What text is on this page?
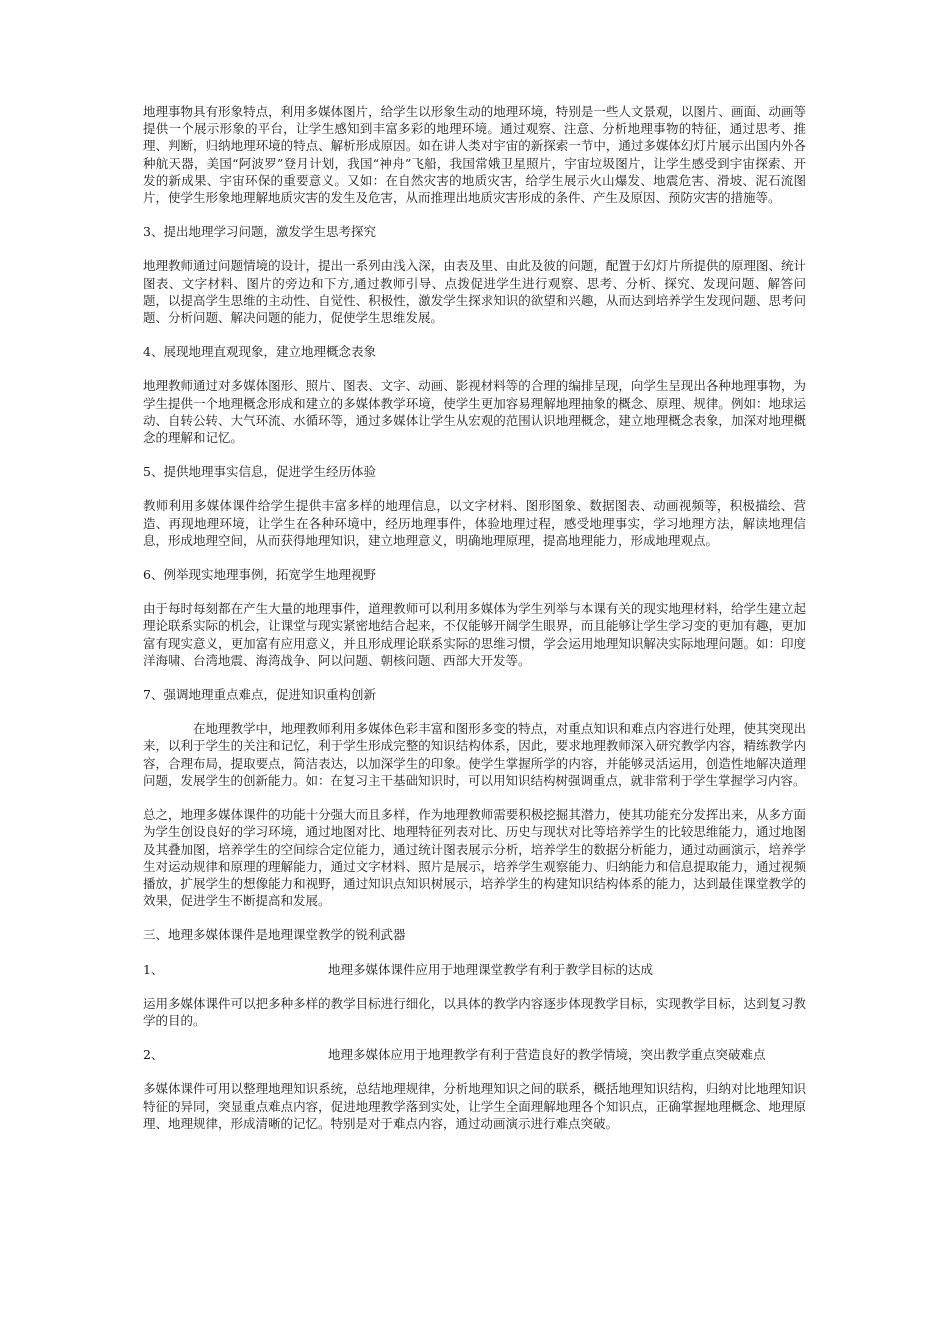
地理事物具有形象特点，利用多媒体图片，给学生以形象生动的地理环境，特别是一些人文景观，以图片、画面、动画等提供一个展示形象的平台，让学生感知到丰富多彩的地理环境。通过观察、注意、分析地理事物的特征，通过思考、推理、判断，归纳地理环境的特点、解析形成原因。如在讲人类对宇宙的新探索一节中，通过多媒体幻灯片展示出国内外各种航天器，美国“阿波罗”登月计划，我国“神舟”飞船，我国常娥卫星照片，宇宙垃圾图片，让学生感受到宇宙探索、开发的新成果、宇宙环保的重要意义。又如：在自然灾害的地质灾害，给学生展示火山爆发、地震危害、滑坡、泥石流图片，使学生形象地理解地质灾害的发生及危害，从而推理出地质灾害形成的条件、产生及原因、预防灾害的措施等。

3、提出地理学习问题，激发学生思考探究

地理教师通过问题情境的设计，提出一系列由浅入深，由表及里、由此及彼的问题，配置于幻灯片所提供的原理图、统计图表、文字材料、图片的旁边和下方,通过教师引导、点拨促进学生进行观察、思考、分析、探究、发现问题、解答问题，以提高学生思维的主动性、自觉性、积极性，激发学生探求知识的欲望和兴趣，从而达到培养学生发现问题、思考问题、分析问题、解决问题的能力，促使学生思维发展。

4、展现地理直观现象，建立地理概念表象

地理教师通过对多媒体图形、照片、图表、文字、动画、影视材料等的合理的编排呈现，向学生呈现出各种地理事物，为学生提供一个地理概念形成和建立的多媒体教学环境，使学生更加容易理解地理抽象的概念、原理、规律。例如：地球运动、自转公转、大气环流、水循环等，通过多媒体让学生从宏观的范围认识地理概念，建立地理概念表象，加深对地理概念的理解和记忆。

5、提供地理事实信息，促进学生经历体验

教师利用多媒体课件给学生提供丰富多样的地理信息，以文字材料、图形图象、数据图表、动画视频等，积极描绘、营造、再现地理环境，让学生在各种环境中，经历地理事件，体验地理过程，感受地理事实，学习地理方法，解读地理信息，形成地理空间，从而获得地理知识，建立地理意义，明确地理原理，提高地理能力，形成地理观点。

6、例举现实地理事例，拓宽学生地理视野

由于每时每刻都在产生大量的地理事件，道理教师可以利用多媒体为学生列举与本课有关的现实地理材料，给学生建立起理论联系实际的机会，让课堂与现实紧密地结合起来，不仅能够开阔学生眼界，而且能够让学生学习变的更加有趣，更加富有现实意义，更加富有应用意义，并且形成理论联系实际的思维习惯，学会运用地理知识解决实际地理问题。如：印度洋海啸、台湾地震、海湾战争、阿以问题、朝核问题、西部大开发等。

7、强调地理重点难点，促进知识重构创新

在地理教学中，地理教师利用多媒体色彩丰富和图形多变的特点，对重点知识和难点内容进行处理，使其突现出来，以利于学生的关注和记忆，利于学生形成完整的知识结构体系，因此，要求地理教师深入研究教学内容，精练教学内容，合理布局，提取要点，简洁表达，以加深学生的印象。使学生掌握所学的内容，并能够灵活运用，创造性地解决道理问题，发展学生的创新能力。如：在复习主干基础知识时，可以用知识结构树强调重点，就非常利于学生掌握学习内容。

总之，地理多媒体课件的功能十分强大而且多样，作为地理教师需要积极挖掘其潜力，使其功能充分发挥出来，从多方面为学生创设良好的学习环境，通过地图对比、地理特征列表对比、历史与现状对比等培养学生的比较思维能力，通过地图及其叠加图，培养学生的空间综合定位能力，通过统计图表展示分析，培养学生的数据分析能力，通过动画演示，培养学生对运动规律和原理的理解能力，通过文字材料、照片是展示，培养学生观察能力、归纳能力和信息提取能力，通过视频播放，扩展学生的想像能力和视野，通过知识点知识树展示，培养学生的构建知识结构体系的能力，达到最佳课堂教学的效果，促进学生不断提高和发展。

三、地理多媒体课件是地理课堂教学的锐利武器

1、	地理多媒体课件应用于地理课堂教学有利于教学目标的达成

运用多媒体课件可以把多种多样的教学目标进行细化，以具体的教学内容逐步体现教学目标，实现教学目标，达到复习教学的目的。

2、	地理多媒体应用于地理教学有利于营造良好的教学情境，突出教学重点突破难点

多媒体课件可用以整理地理知识系统，总结地理规律，分析地理知识之间的联系，概括地理知识结构，归纳对比地理知识特征的异同，突显重点难点内容，促进地理教学落到实处，让学生全面理解地理各个知识点，正确掌握地理概念、地理原理、地理规律，形成清晰的记忆。特别是对于难点内容，通过动画演示进行难点突破。
